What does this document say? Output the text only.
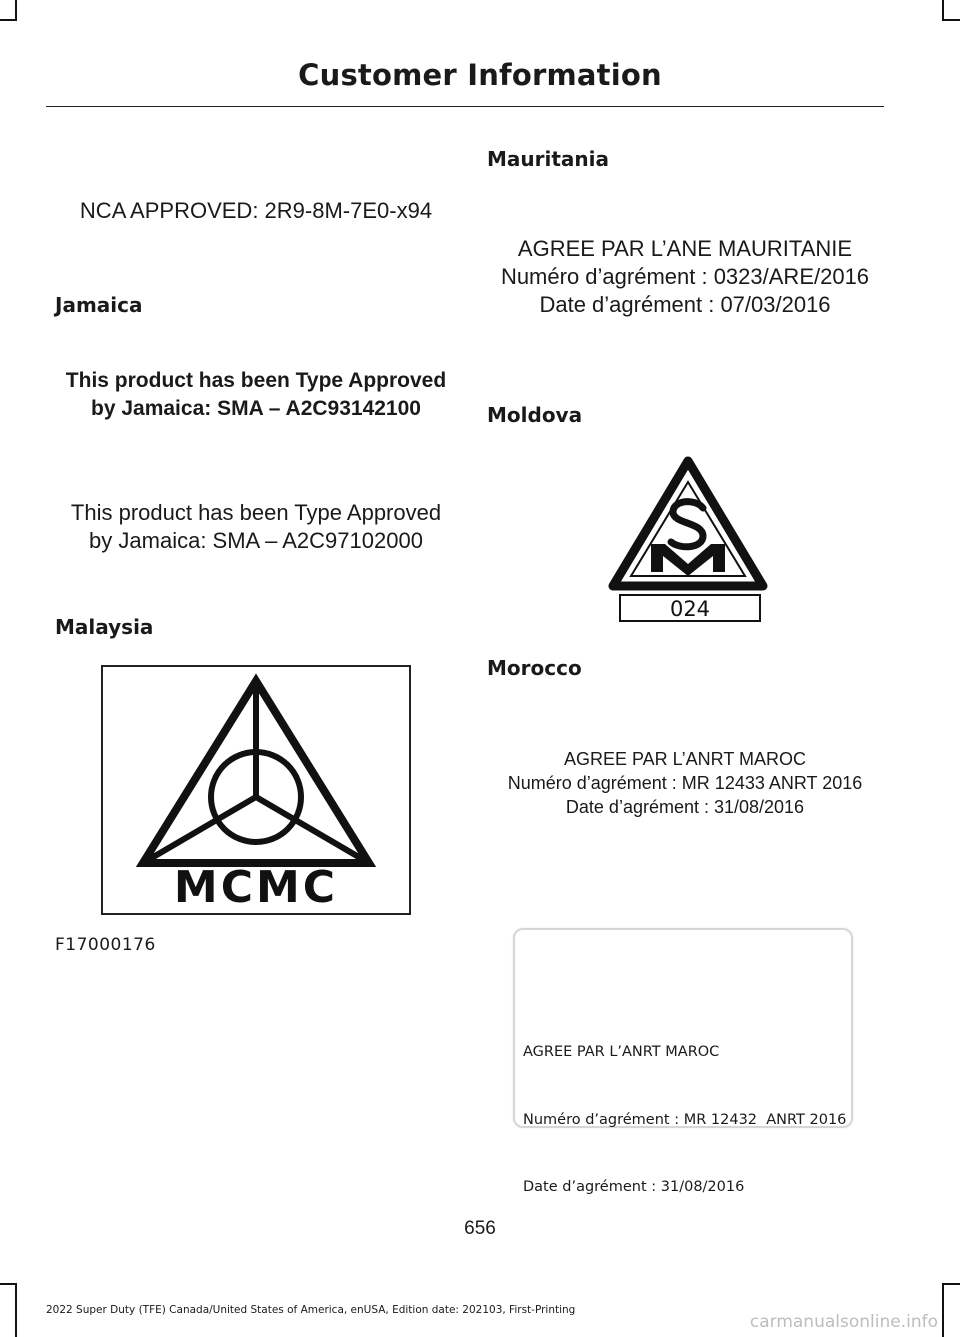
Customer Information
NCA APPROVED: 2R9-8M-7E0-x94
Jamaica
This product has been Type Approved
by Jamaica: SMA – A2C93142100
This product has been Type Approved
by Jamaica: SMA – A2C97102000
Malaysia
MCMC
F17000176
Mauritania
AGREE PAR L’ANE MAURITANIE
Numéro d’agrément : 0323/ARE/2016
Date d’agrément : 07/03/2016
Moldova
024
Morocco
AGREE PAR L’ANRT MAROC
Numéro d’agrément : MR 12433 ANRT 2016
Date d’agrément : 31/08/2016

AGREE PAR L’ANRT MAROC

Numéro d’agrément : MR 12432  ANRT 2016

Date d’agrément : 31/08/2016

656
2022 Super Duty (TFE) Canada/United States of America, enUSA, Edition date: 202103, First-Printing
carmanualsonline.info
